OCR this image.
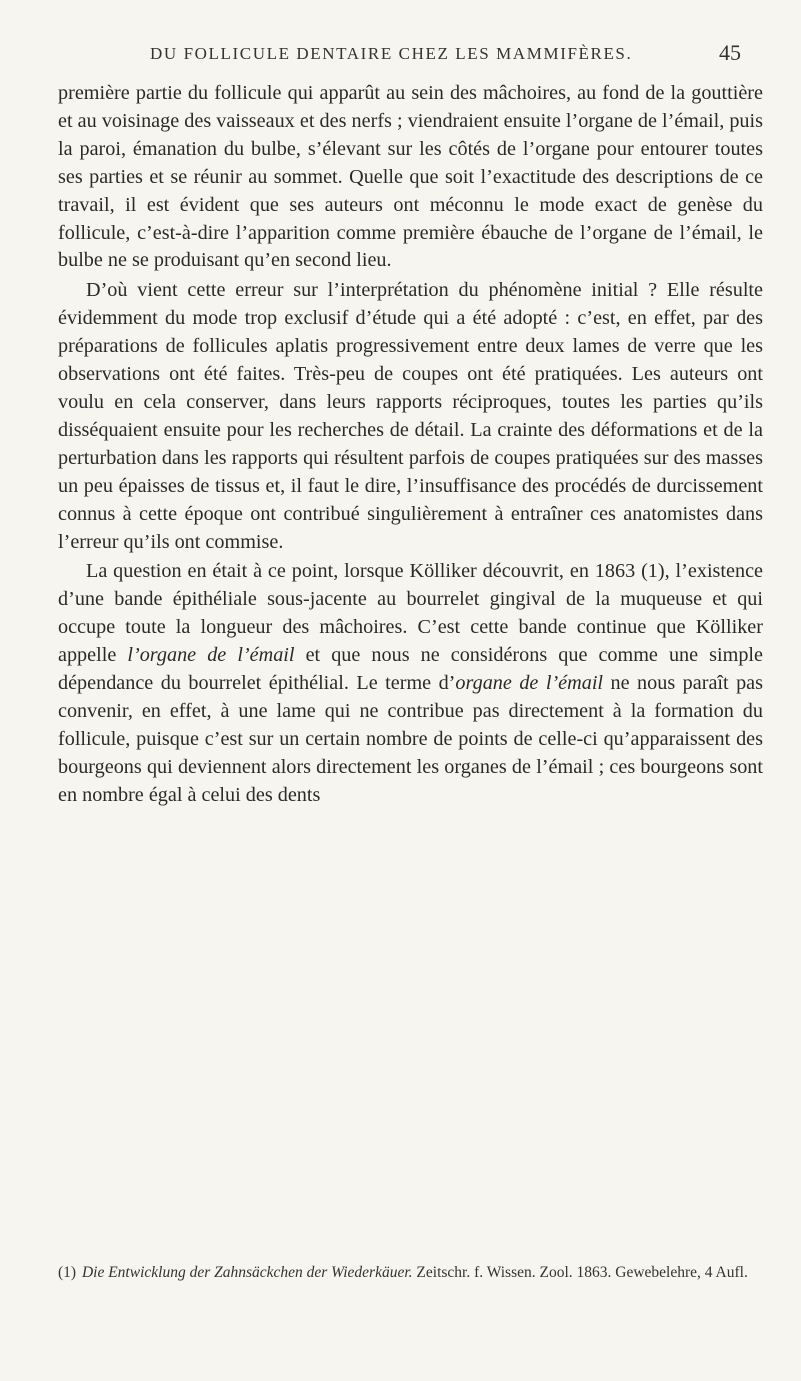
DU FOLLICULE DENTAIRE CHEZ LES MAMMIFÈRES.	45

première partie du follicule qui apparût au sein des mâchoires, au fond de la gouttière et au voisinage des vaisseaux et des nerfs ; viendraient ensuite l’organe de l’émail, puis la paroi, émanation du bulbe, s’élevant sur les côtés de l’organe pour entourer toutes ses parties et se réunir au sommet. Quelle que soit l’exactitude des descriptions de ce travail, il est évident que ses auteurs ont méconnu le mode exact de genèse du follicule, c’est-à-dire l’apparition comme première ébauche de l’organe de l’émail, le bulbe ne se produisant qu’en second lieu.

D’où vient cette erreur sur l’interprétation du phénomène initial ? Elle résulte évidemment du mode trop exclusif d’étude qui a été adopté : c’est, en effet, par des préparations de follicules aplatis progressivement entre deux lames de verre que les observations ont été faites. Très-peu de coupes ont été pratiquées. Les auteurs ont voulu en cela conserver, dans leurs rapports réciproques, toutes les parties qu’ils disséquaient ensuite pour les recherches de détail. La crainte des déformations et de la perturbation dans les rapports qui résultent parfois de coupes pratiquées sur des masses un peu épaisses de tissus et, il faut le dire, l’insuffisance des procédés de durcissement connus à cette époque ont contribué singulièrement à entraîner ces anatomistes dans l’erreur qu’ils ont commise.

La question en était à ce point, lorsque Kölliker découvrit, en 1863 (1), l’existence d’une bande épithéliale sous-jacente au bourrelet gingival de la muqueuse et qui occupe toute la longueur des mâchoires. C’est cette bande continue que Kölliker appelle l’organe de l’émail et que nous ne considérons que comme une simple dépendance du bourrelet épithélial. Le terme d’organe de l’émail ne nous paraît pas convenir, en effet, à une lame qui ne contribue pas directement à la formation du follicule, puisque c’est sur un certain nombre de points de celle-ci qu’apparaissent des bourgeons qui deviennent alors directement les organes de l’émail ; ces bourgeons sont en nombre égal à celui des dents

(1) Die Entwicklung der Zahnsäckchen der Wiederkäuer. Zeitschr. f. Wissen. Zool. 1863. Gewebelehre, 4 Aufl.
